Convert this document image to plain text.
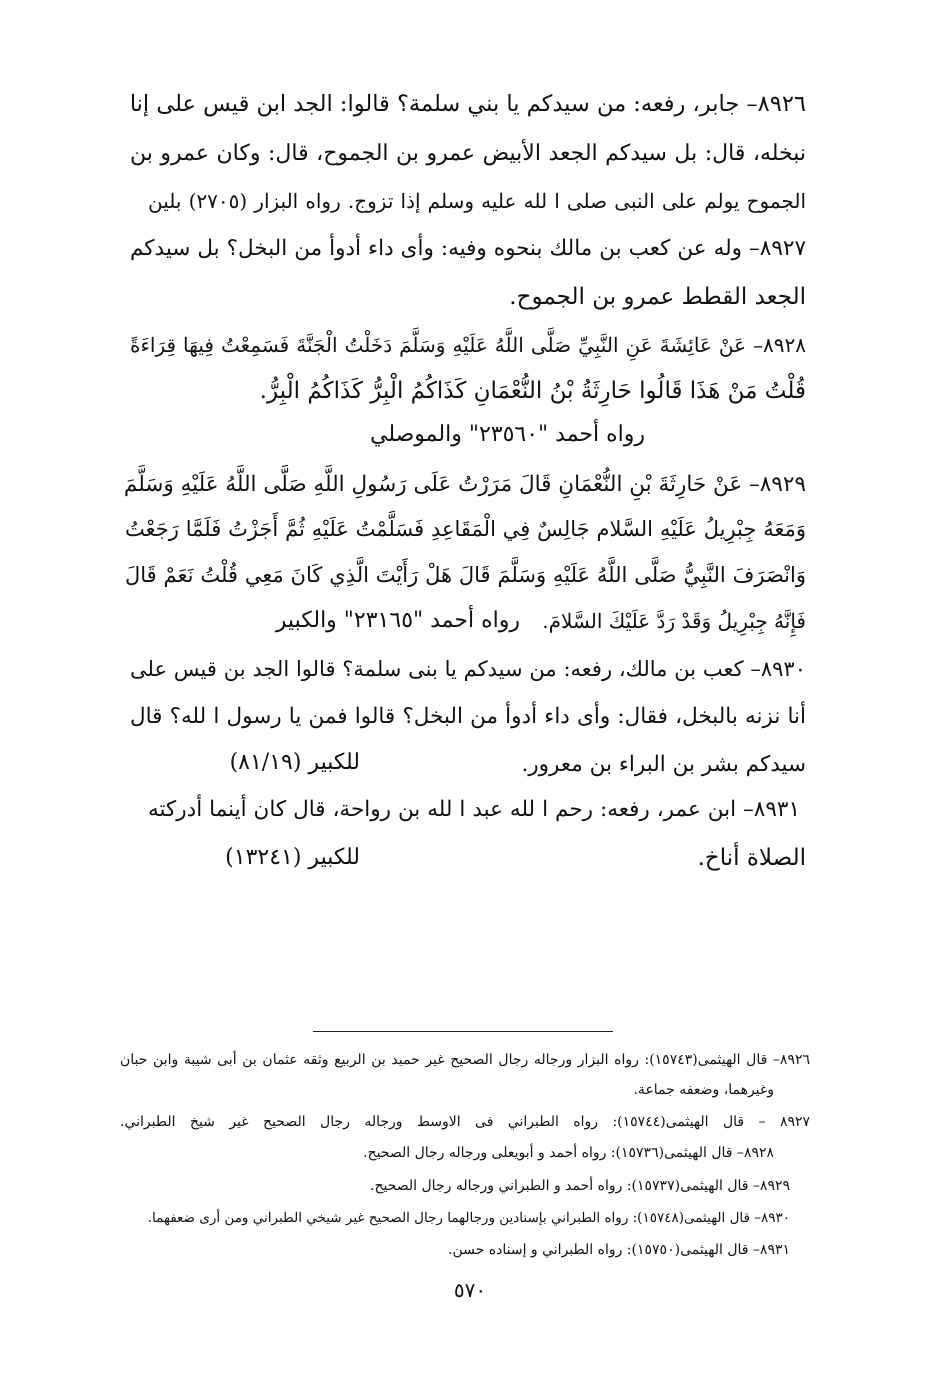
٨٩٢٦– جابر، رفعه: من سيدكم يا بني سلمة؟ قالوا: الجد ابن قيس على إنا
نبخله، قال: بل سيدكم الجعد الأبيض عمرو بن الجموح، قال: وكان عمرو بن
الجموح يولم على النبى صلى ا لله عليه وسلم إذا تزوج. رواه البزار (٢٧٠٥) بلين
٨٩٢٧– وله عن كعب بن مالك بنحوه وفيه: وأى داء أدوأ من البخل؟ بل سيدكم
الجعد القطط عمرو بن الجموح.
٨٩٢٨– عَنْ عَائِشَةَ عَنِ النَّبِيِّ صَلَّى اللَّهُ عَلَيْهِ وَسَلَّمَ دَخَلْتُ الْجَنَّةَ فَسَمِعْتُ فِيهَا قِرَاءَةً
قُلْتُ مَنْ هَذَا قَالُوا حَارِثَةُ بْنُ النُّعْمَانِ كَذَاكُمُ الْبِرُّ كَذَاكُمُ الْبِرُّ.
رواه أحمد "٢٣٥٦٠" والموصلي
٨٩٢٩– عَنْ حَارِثَةَ بْنِ النُّعْمَانِ قَالَ مَرَرْتُ عَلَى رَسُولِ اللَّهِ صَلَّى اللَّهُ عَلَيْهِ وَسَلَّمَ
وَمَعَهُ جِبْرِيلُ عَلَيْهِ السَّلام جَالِسٌ فِي الْمَقَاعِدِ فَسَلَّمْتُ عَلَيْهِ ثُمَّ أَجَزْتُ فَلَمَّا رَجَعْتُ
وَانْصَرَفَ النَّبِيُّ صَلَّى اللَّهُ عَلَيْهِ وَسَلَّمَ قَالَ هَلْ رَأَيْتَ الَّذِي كَانَ مَعِي قُلْتُ نَعَمْ قَالَ
فَإِنَّهُ جِبْرِيلُ وَقَدْ رَدَّ عَلَيْكَ السَّلامَ.
رواه أحمد "٢٣١٦٥" والكبير
٨٩٣٠– كعب بن مالك، رفعه: من سيدكم يا بنى سلمة؟ قالوا الجد بن قيس على
أنا نزنه بالبخل، فقال: وأى داء أدوأ من البخل؟ قالوا فمن يا رسول ا لله؟ قال
سيدكم بشر بن البراء بن معرور.
للكبير (٨١/١٩)
٨٩٣١– ابن عمر، رفعه: رحم ا لله عبد ا لله بن رواحة، قال كان أينما أدركته
الصلاة أناخ.
للكبير (١٣٢٤١)
٨٩٢٦– قال الهيثمى(١٥٧٤٣): رواه البزار ورجاله رجال الصحيح غير حميد بن الربيع وثقه عثمان بن أبى شيبة وابن حبان
وغيرهما، وضعفه جماعة.
٨٩٢٧ – قال الهيثمى(١٥٧٤٤): رواه الطبراني فى الاوسط ورجاله رجال الصحيح غير شيخ الطبراني.
٨٩٢٨– قال الهيثمى(١٥٧٣٦): رواه أحمد و أبويعلى ورجاله رجال الصحيح.
٨٩٢٩– قال الهيثمى(١٥٧٣٧): رواه أحمد و الطبراني ورجاله رجال الصحيح.
٨٩٣٠– قال الهيثمى(١٥٧٤٨): رواه الطبراني بإسنادين ورجالهما رجال الصحيح غير شيخي الطبراني ومن أرى ضعفهما.
٨٩٣١– قال الهيثمى(١٥٧٥٠): رواه الطبراني و إسناده حسن.
٥٧٠
